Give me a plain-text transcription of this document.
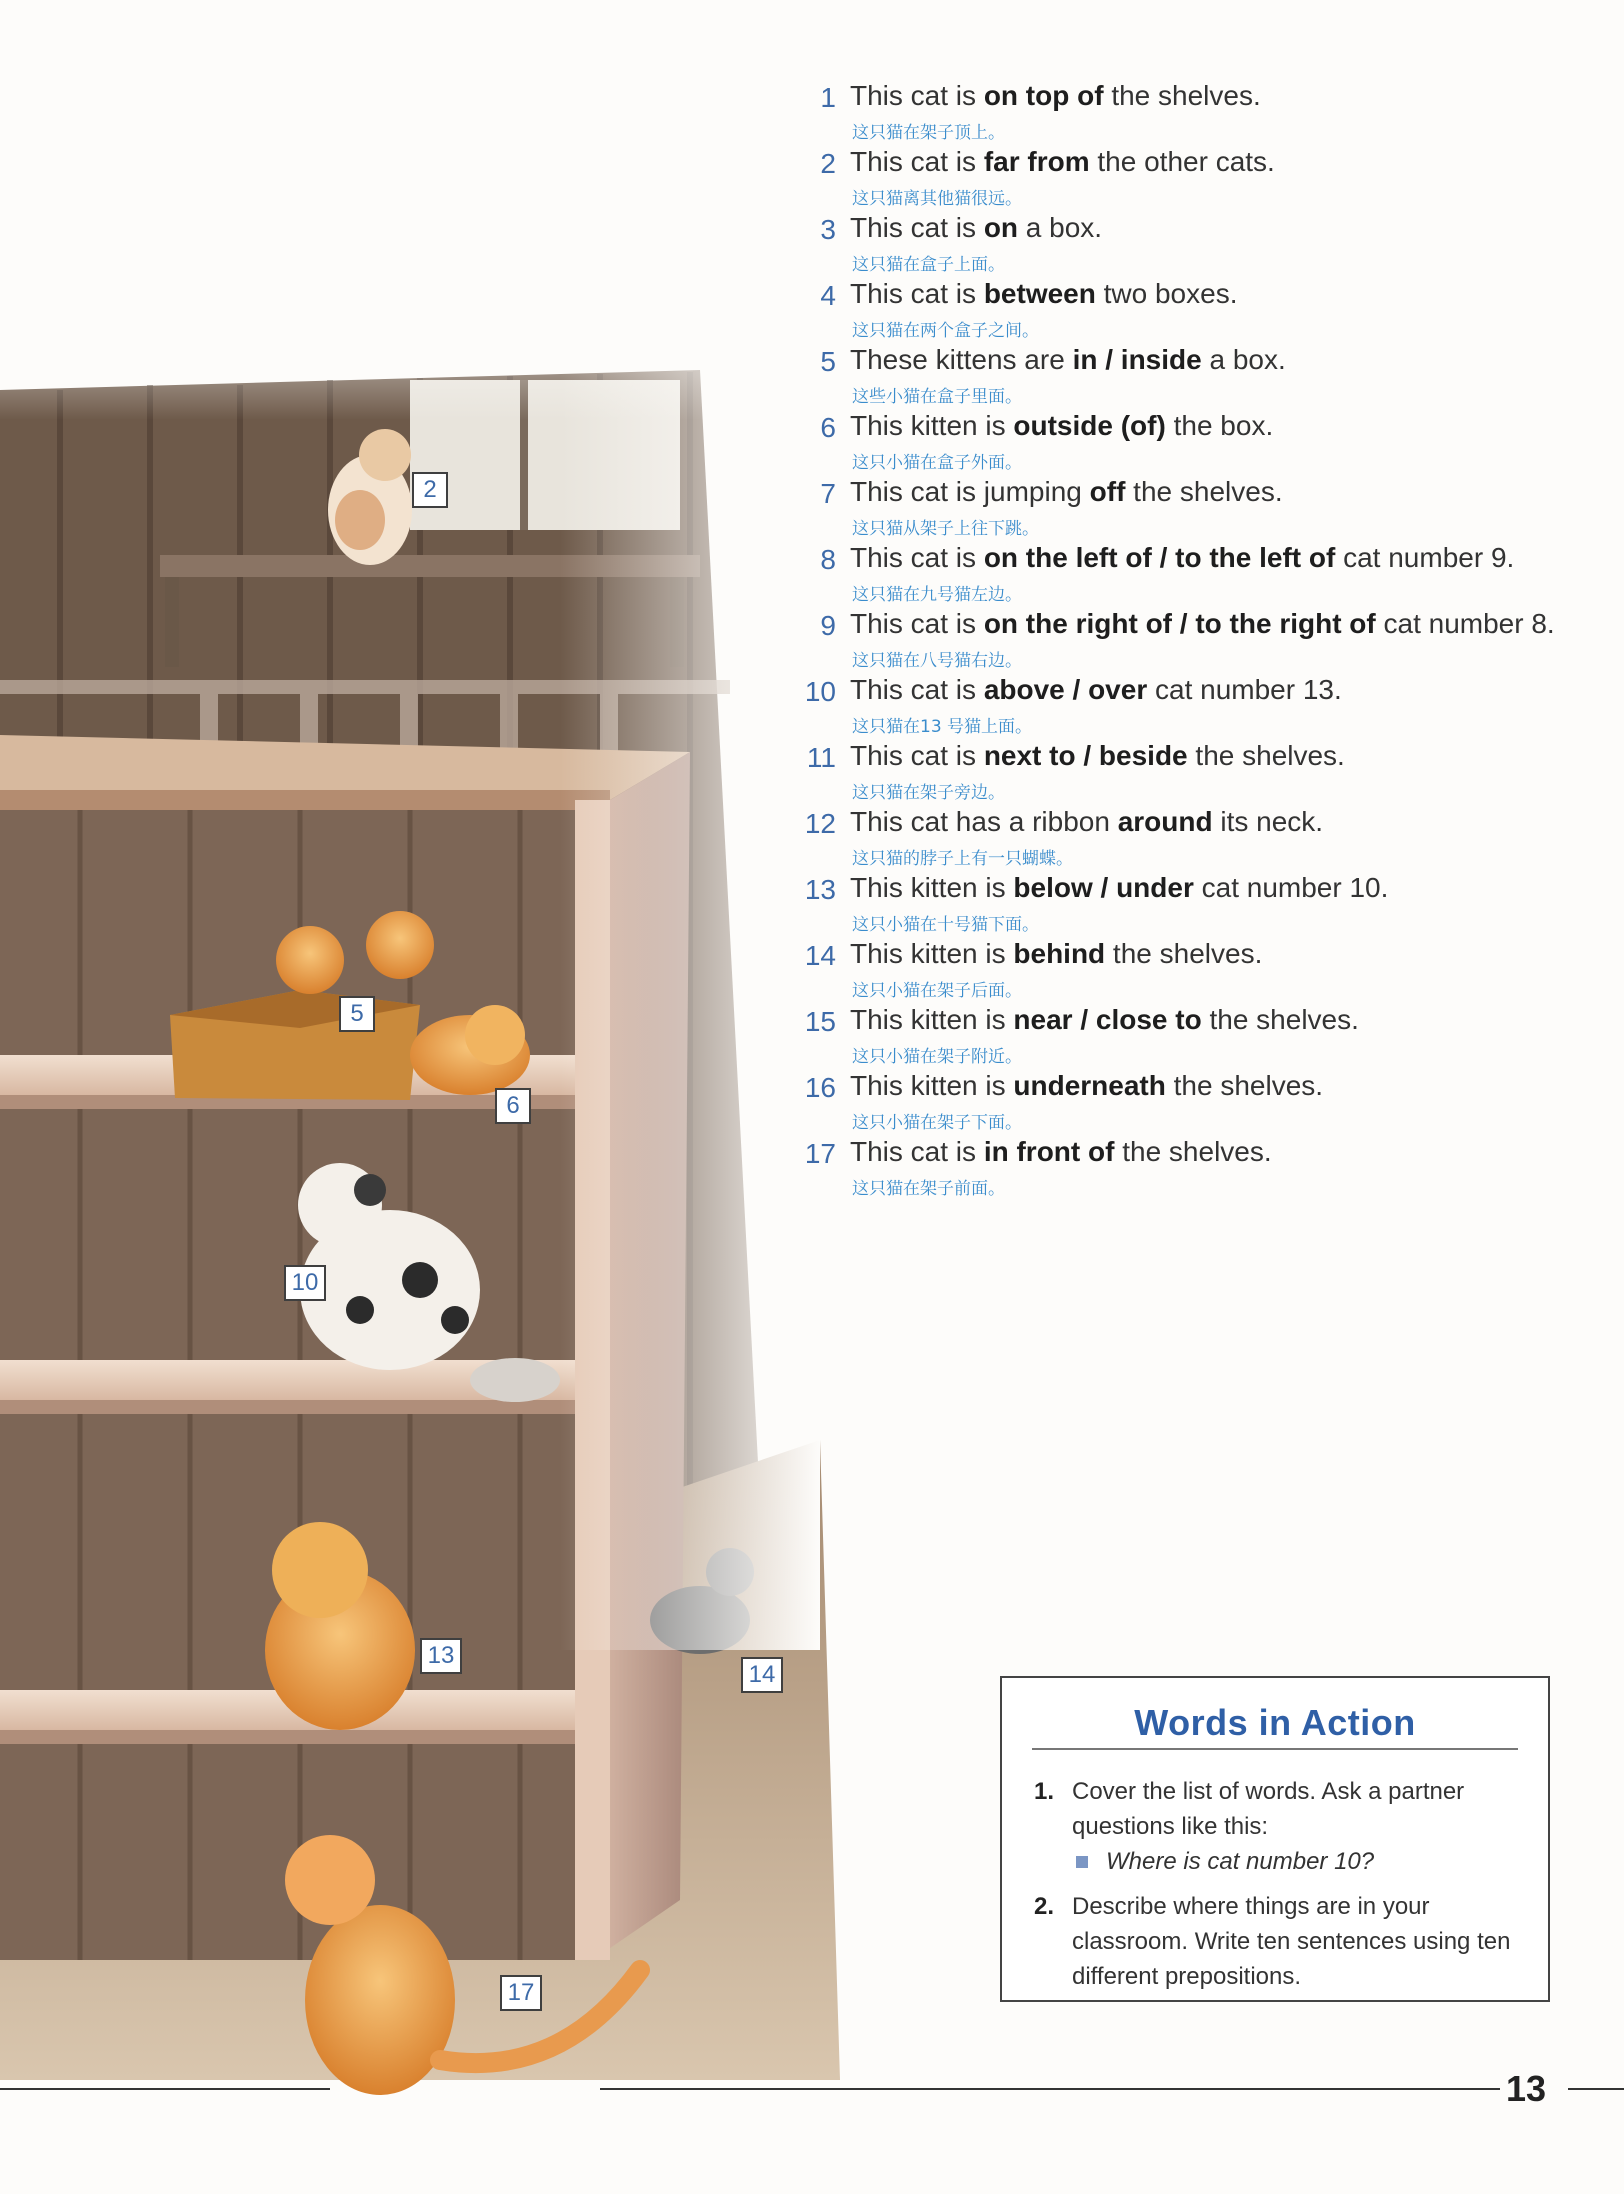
2
5
6
10
13
14
17
1 This cat is on top of the shelves.
这只猫在架子顶上。
2 This cat is far from the other cats.
这只猫离其他猫很远。
3 This cat is on a box.
这只猫在盒子上面。
4 This cat is between two boxes.
这只猫在两个盒子之间。
5 These kittens are in / inside a box.
这些小猫在盒子里面。
6 This kitten is outside (of) the box.
这只小猫在盒子外面。
7 This cat is jumping off the shelves.
这只猫从架子上往下跳。
8 This cat is on the left of / to the left of cat number 9.
这只猫在九号猫左边。
9 This cat is on the right of / to the right of cat number 8.
这只猫在八号猫右边。
10 This cat is above / over cat number 13.
这只猫在13 号猫上面。
11 This cat is next to / beside the shelves.
这只猫在架子旁边。
12 This cat has a ribbon around its neck.
这只猫的脖子上有一只蝴蝶。
13 This kitten is below / under cat number 10.
这只小猫在十号猫下面。
14 This kitten is behind the shelves.
这只小猫在架子后面。
15 This kitten is near / close to the shelves.
这只小猫在架子附近。
16 This kitten is underneath the shelves.
这只小猫在架子下面。
17 This cat is in front of the shelves.
这只猫在架子前面。
Words in Action
1. Cover the list of words. Ask a partner questions like this:
Where is cat number 10?
2. Describe where things are in your classroom. Write ten sentences using ten different prepositions.
13
